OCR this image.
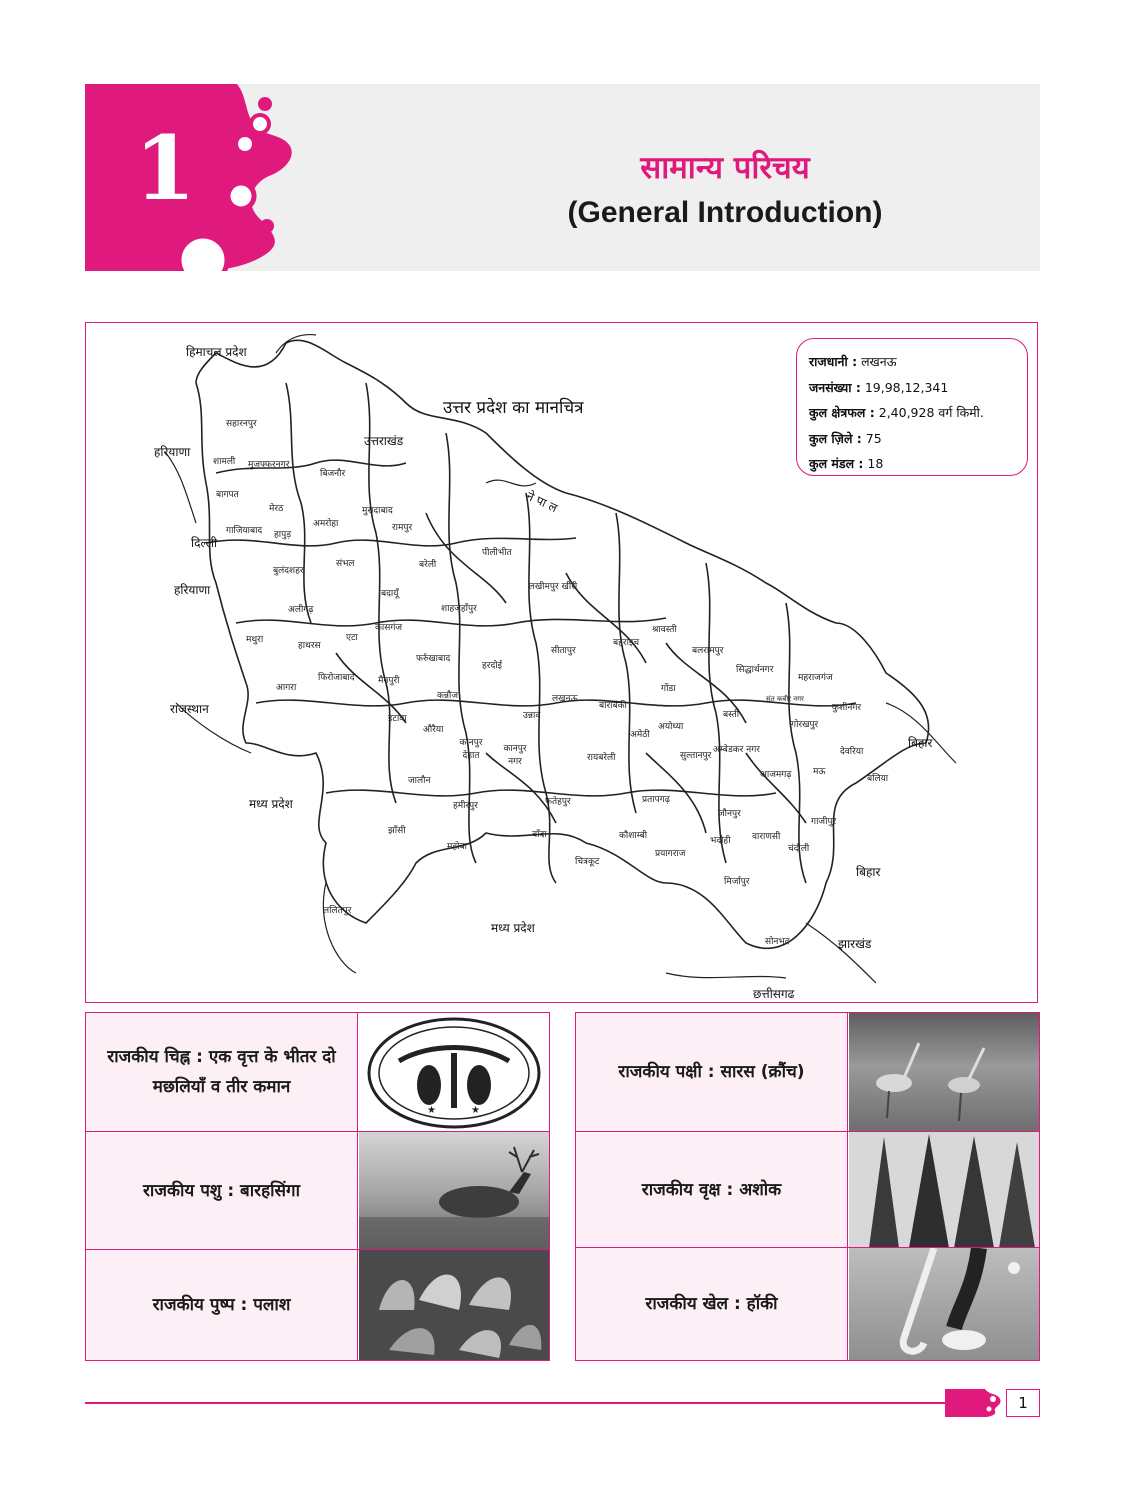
1	सामान्य परिचय
(General Introduction)
उत्तर प्रदेश का मानचित्र
हिमाचल प्रदेश
उत्तराखंड
हरियाणा
दिल्ली
हरियाणा
राजस्थान
मध्य प्रदेश
मध्य प्रदेश
ने पा ल
बिहार
बिहार
झारखंड
छत्तीसगढ
सहारनपुर
शामली मुजफ्फरनगर
बिजनौर
बागपत
मेरठ
अमरोहा
मुरादाबाद
रामपुर
गाजियाबाद हापुड़
संभल	बरेली
पीलीभीत
बुलंदशहर
बदायूँ
शाहजहाँपुर
लखीमपुर खीरी
अलीगढ़
मथुरा
हाथरस
एटा
कासगंज
फर्रुखाबाद
हरदोई
सीतापुर
बहराइच
श्रावस्ती
बलरामपुर
सिद्धार्थनगर
महराजगंज
आगरा
फिरोजाबाद	मैनपुरी
कन्नौज
इटावा
औरैया
कानपुर देहात
कानपुर नगर
उन्नाव
लखनऊ
बाराबंकी
गोंडा
बस्ती
संत कबीर नगर
गोरखपुर
कुशीनगर
देवरिया
अयोध्या
अम्बेडकर नगर
आजमगढ़ मऊ
बलिया
जालौन
रायबरेली
अमेठी
सुल्तानपुर
हमीरपुर	फतेहपुर	प्रतापगढ़
जौनपुर
गाजीपुर
झाँसी
महोबा
बाँदा	कौशाम्बी
प्रयागराज
भदोही वाराणसी
चंदौली
चित्रकूट
मिर्जापुर
ललितपुर
सोनभद्र
राजधानी : लखनऊ
जनसंख्या : 19,98,12,341
कुल क्षेत्रफल : 2,40,928 वर्ग किमी.
कुल ज़िले : 75
कुल मंडल : 18
राजकीय चिह्न : एक वृत्त के भीतर दो मछलियाँ व तीर कमान
★	★
राजकीय पशु : बारहसिंगा
राजकीय पुष्प : पलाश
राजकीय पक्षी : सारस (क्रौंच)
राजकीय वृक्ष : अशोक
राजकीय खेल : हॉकी
1
